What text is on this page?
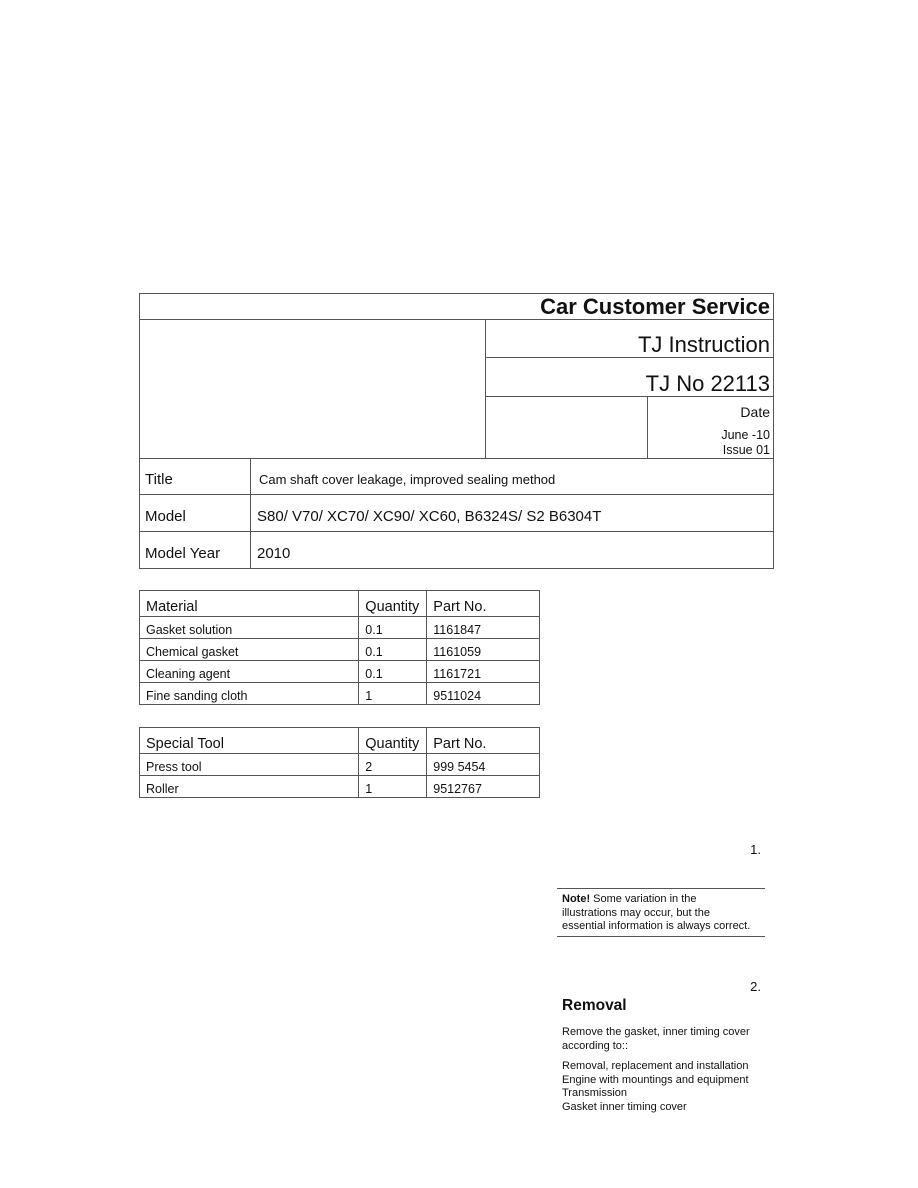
Car Customer Service
TJ Instruction
TJ No 22113
Date
June -10
Issue 01
Title	Cam shaft cover leakage, improved sealing method
Model	S80/ V70/ XC70/ XC90/ XC60, B6324S/ S2 B6304T
Model Year 2010
Material	Quantity	Part No.
Gasket solution	0.1	1161847
Chemical gasket	0.1	1161059
Cleaning agent	0.1	1161721
Fine sanding cloth	1	9511024
Special Tool	Quantity	Part No.
Press tool	2	999 5454
Roller	1	9512767
1.
Note! Some variation in the
illustrations may occur, but the
essential information is always correct.
2.
Removal
Remove the gasket, inner timing cover
according to::
Removal, replacement and installation
Engine with mountings and equipment
Transmission
Gasket inner timing cover
